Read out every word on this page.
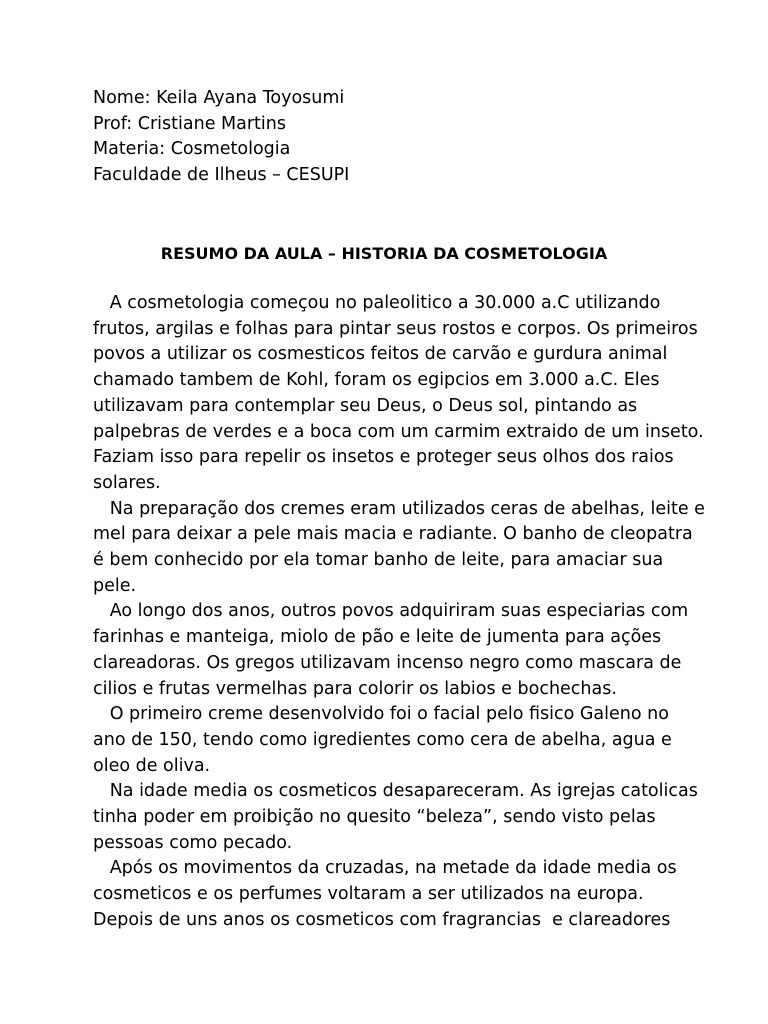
Nome: Keila Ayana Toyosumi
Prof: Cristiane Martins
Materia: Cosmetologia
Faculdade de Ilheus – CESUPI
RESUMO DA AULA – HISTORIA DA COSMETOLOGIA
A cosmetologia começou no paleolitico a 30.000 a.C utilizando
frutos, argilas e folhas para pintar seus rostos e corpos. Os primeiros
povos a utilizar os cosmesticos feitos de carvão e gurdura animal
chamado tambem de Kohl, foram os egipcios em 3.000 a.C. Eles
utilizavam para contemplar seu Deus, o Deus sol, pintando as
palpebras de verdes e a boca com um carmim extraido de um inseto.
Faziam isso para repelir os insetos e proteger seus olhos dos raios
solares.
Na preparação dos cremes eram utilizados ceras de abelhas, leite e
mel para deixar a pele mais macia e radiante. O banho de cleopatra
é bem conhecido por ela tomar banho de leite, para amaciar sua
pele.
Ao longo dos anos, outros povos adquiriram suas especiarias com
farinhas e manteiga, miolo de pão e leite de jumenta para ações
clareadoras. Os gregos utilizavam incenso negro como mascara de
cilios e frutas vermelhas para colorir os labios e bochechas.
O primeiro creme desenvolvido foi o facial pelo fisico Galeno no
ano de 150, tendo como igredientes como cera de abelha, agua e
oleo de oliva.
Na idade media os cosmeticos desapareceram. As igrejas catolicas
tinha poder em proibição no quesito “beleza”, sendo visto pelas
pessoas como pecado.
Após os movimentos da cruzadas, na metade da idade media os
cosmeticos e os perfumes voltaram a ser utilizados na europa.
Depois de uns anos os cosmeticos com fragrancias  e clareadores
